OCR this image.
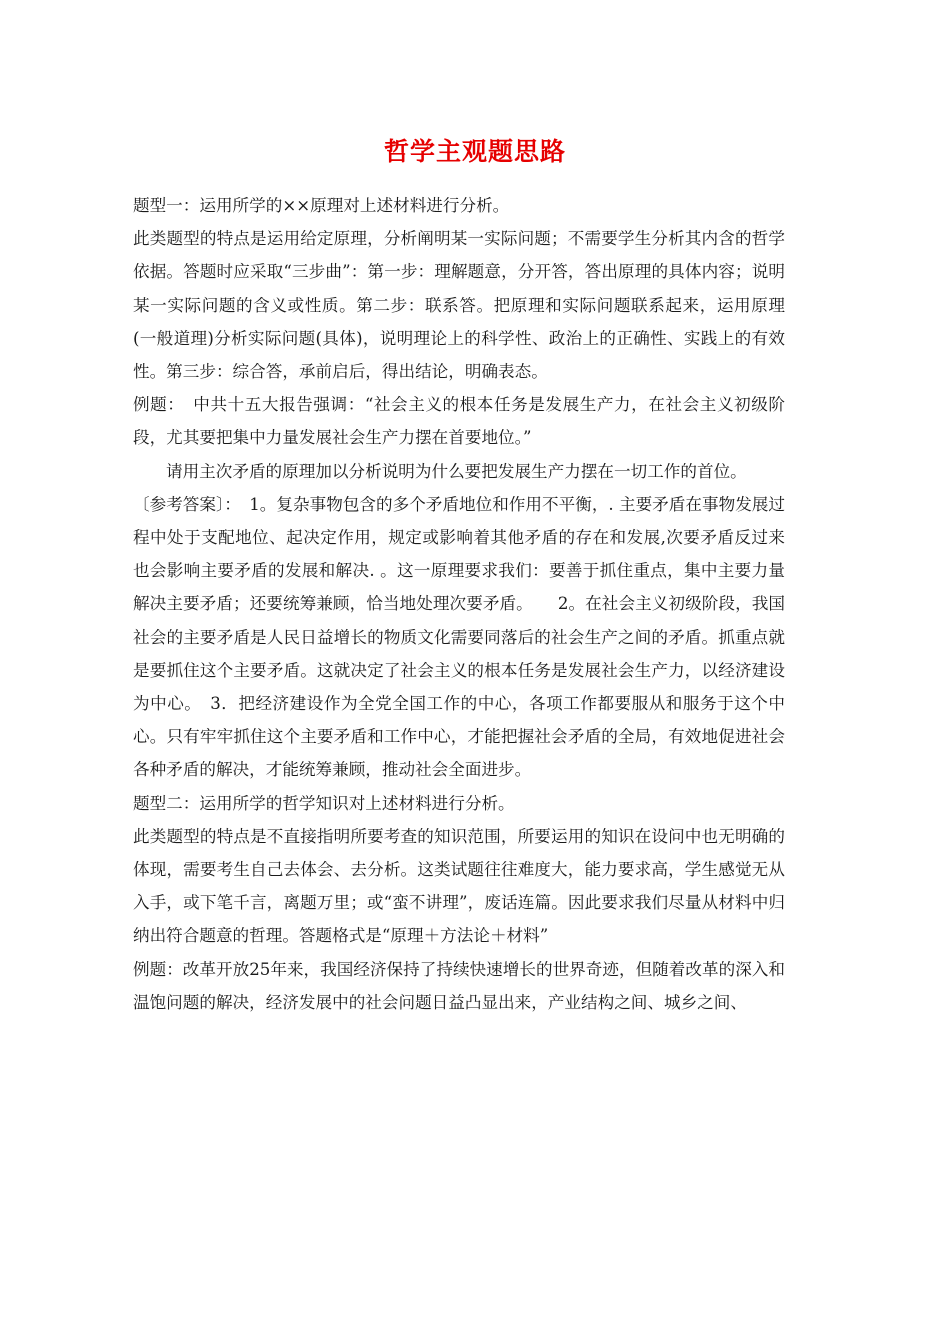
哲学主观题思路

题型一：运用所学的××原理对上述材料进行分析。

此类题型的特点是运用给定原理，分析阐明某一实际问题；不需要学生分析其内含的哲学依据。答题时应采取“三步曲”：第一步：理解题意，分开答，答出原理的具体内容；说明某一实际问题的含义或性质。第二步：联系答。把原理和实际问题联系起来，运用原理(一般道理)分析实际问题(具体)，说明理论上的科学性、政治上的正确性、实践上的有效性。第三步：综合答，承前启后，得出结论，明确表态。

例题：　中共十五大报告强调：“社会主义的根本任务是发展生产力，在社会主义初级阶段，尤其要把集中力量发展社会生产力摆在首要地位。”

请用主次矛盾的原理加以分析说明为什么要把发展生产力摆在一切工作的首位。

〔参考答案〕：　1。复杂事物包含的多个矛盾地位和作用不平衡，. 主要矛盾在事物发展过程中处于支配地位、起决定作用，规定或影响着其他矛盾的存在和发展,次要矛盾反过来也会影响主要矛盾的发展和解决. 。这一原理要求我们：要善于抓住重点，集中主要力量解决主要矛盾；还要统筹兼顾，恰当地处理次要矛盾。　　2。在社会主义初级阶段，我国社会的主要矛盾是人民日益增长的物质文化需要同落后的社会生产之间的矛盾。抓重点就是要抓住这个主要矛盾。这就决定了社会主义的根本任务是发展社会生产力，以经济建设为中心。　3．把经济建设作为全党全国工作的中心，各项工作都要服从和服务于这个中心。只有牢牢抓住这个主要矛盾和工作中心，才能把握社会矛盾的全局，有效地促进社会各种矛盾的解决，才能统筹兼顾，推动社会全面进步。

题型二：运用所学的哲学知识对上述材料进行分析。

此类题型的特点是不直接指明所要考查的知识范围，所要运用的知识在设问中也无明确的体现，需要考生自己去体会、去分析。这类试题往往难度大，能力要求高，学生感觉无从入手，或下笔千言，离题万里；或“蛮不讲理”，废话连篇。因此要求我们尽量从材料中归纳出符合题意的哲理。答题格式是“原理＋方法论＋材料”

例题：改革开放25年来，我国经济保持了持续快速增长的世界奇迹，但随着改革的深入和温饱问题的解决，经济发展中的社会问题日益凸显出来，产业结构之间、城乡之间、
